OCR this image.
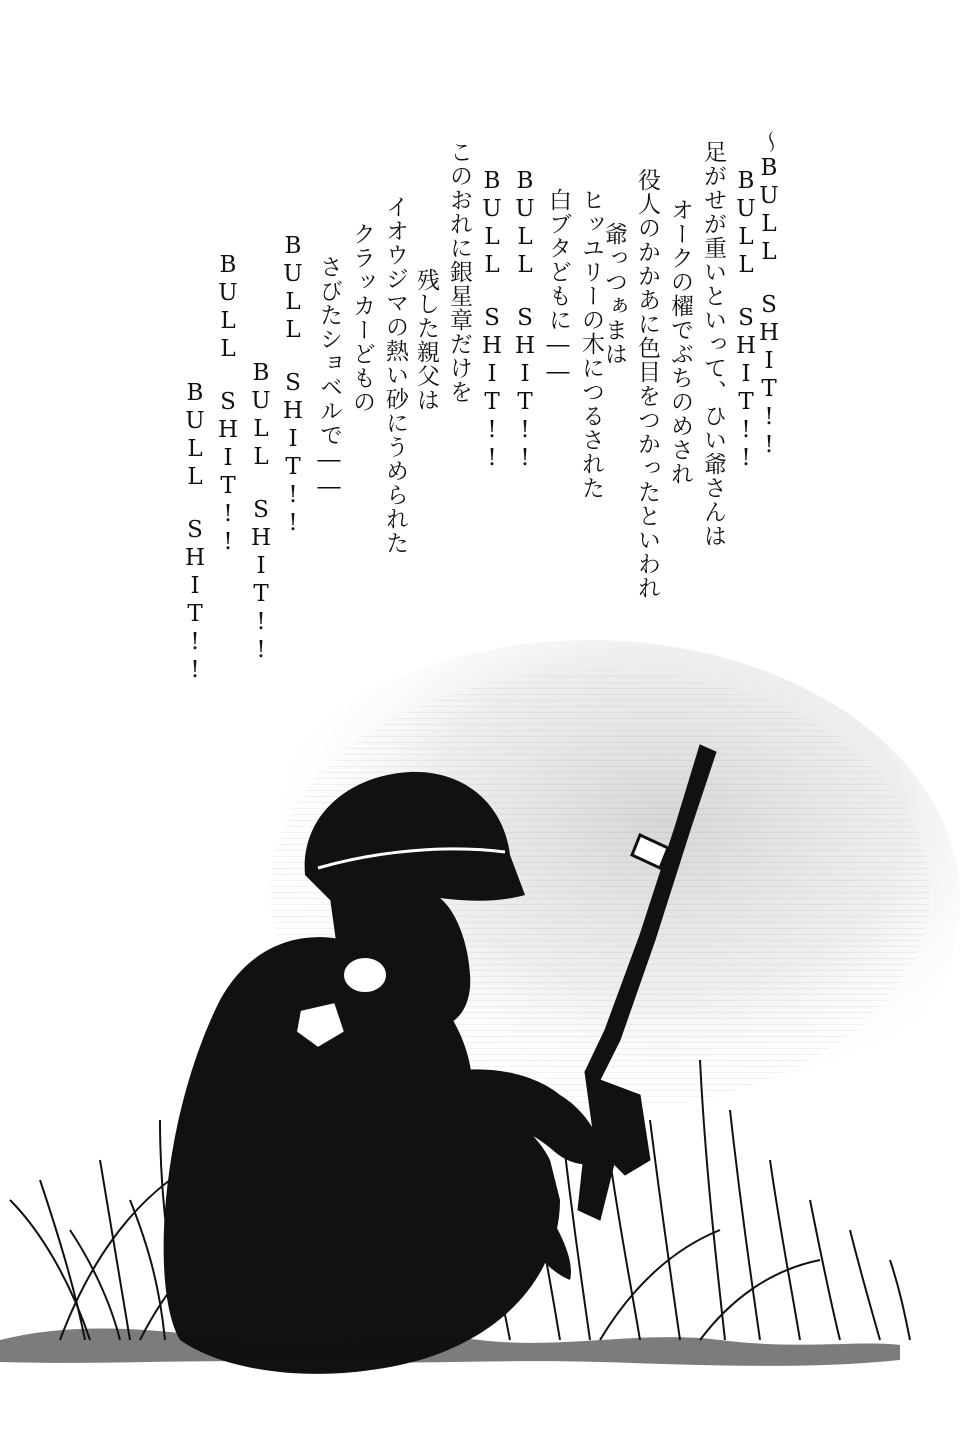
〜BULL　SHIT!!
BULL　SHIT!!
足がせが重いといって、ひい爺さんは
オークの櫂でぶちのめされ
役人のかかあに色目をつかったといわれ
爺っつぁまは
ヒッユリーの木につるされた
白ブタどもに――
BULL　SHIT!!
BULL　SHIT!!
このおれに銀星章だけを
残した親父は
イオウジマの熱い砂にうめられた
クラッカーどもの
さびたショベルで――
BULL　SHIT!!
BULL　SHIT!!
BULL　SHIT!!
BULL　SHIT!!
